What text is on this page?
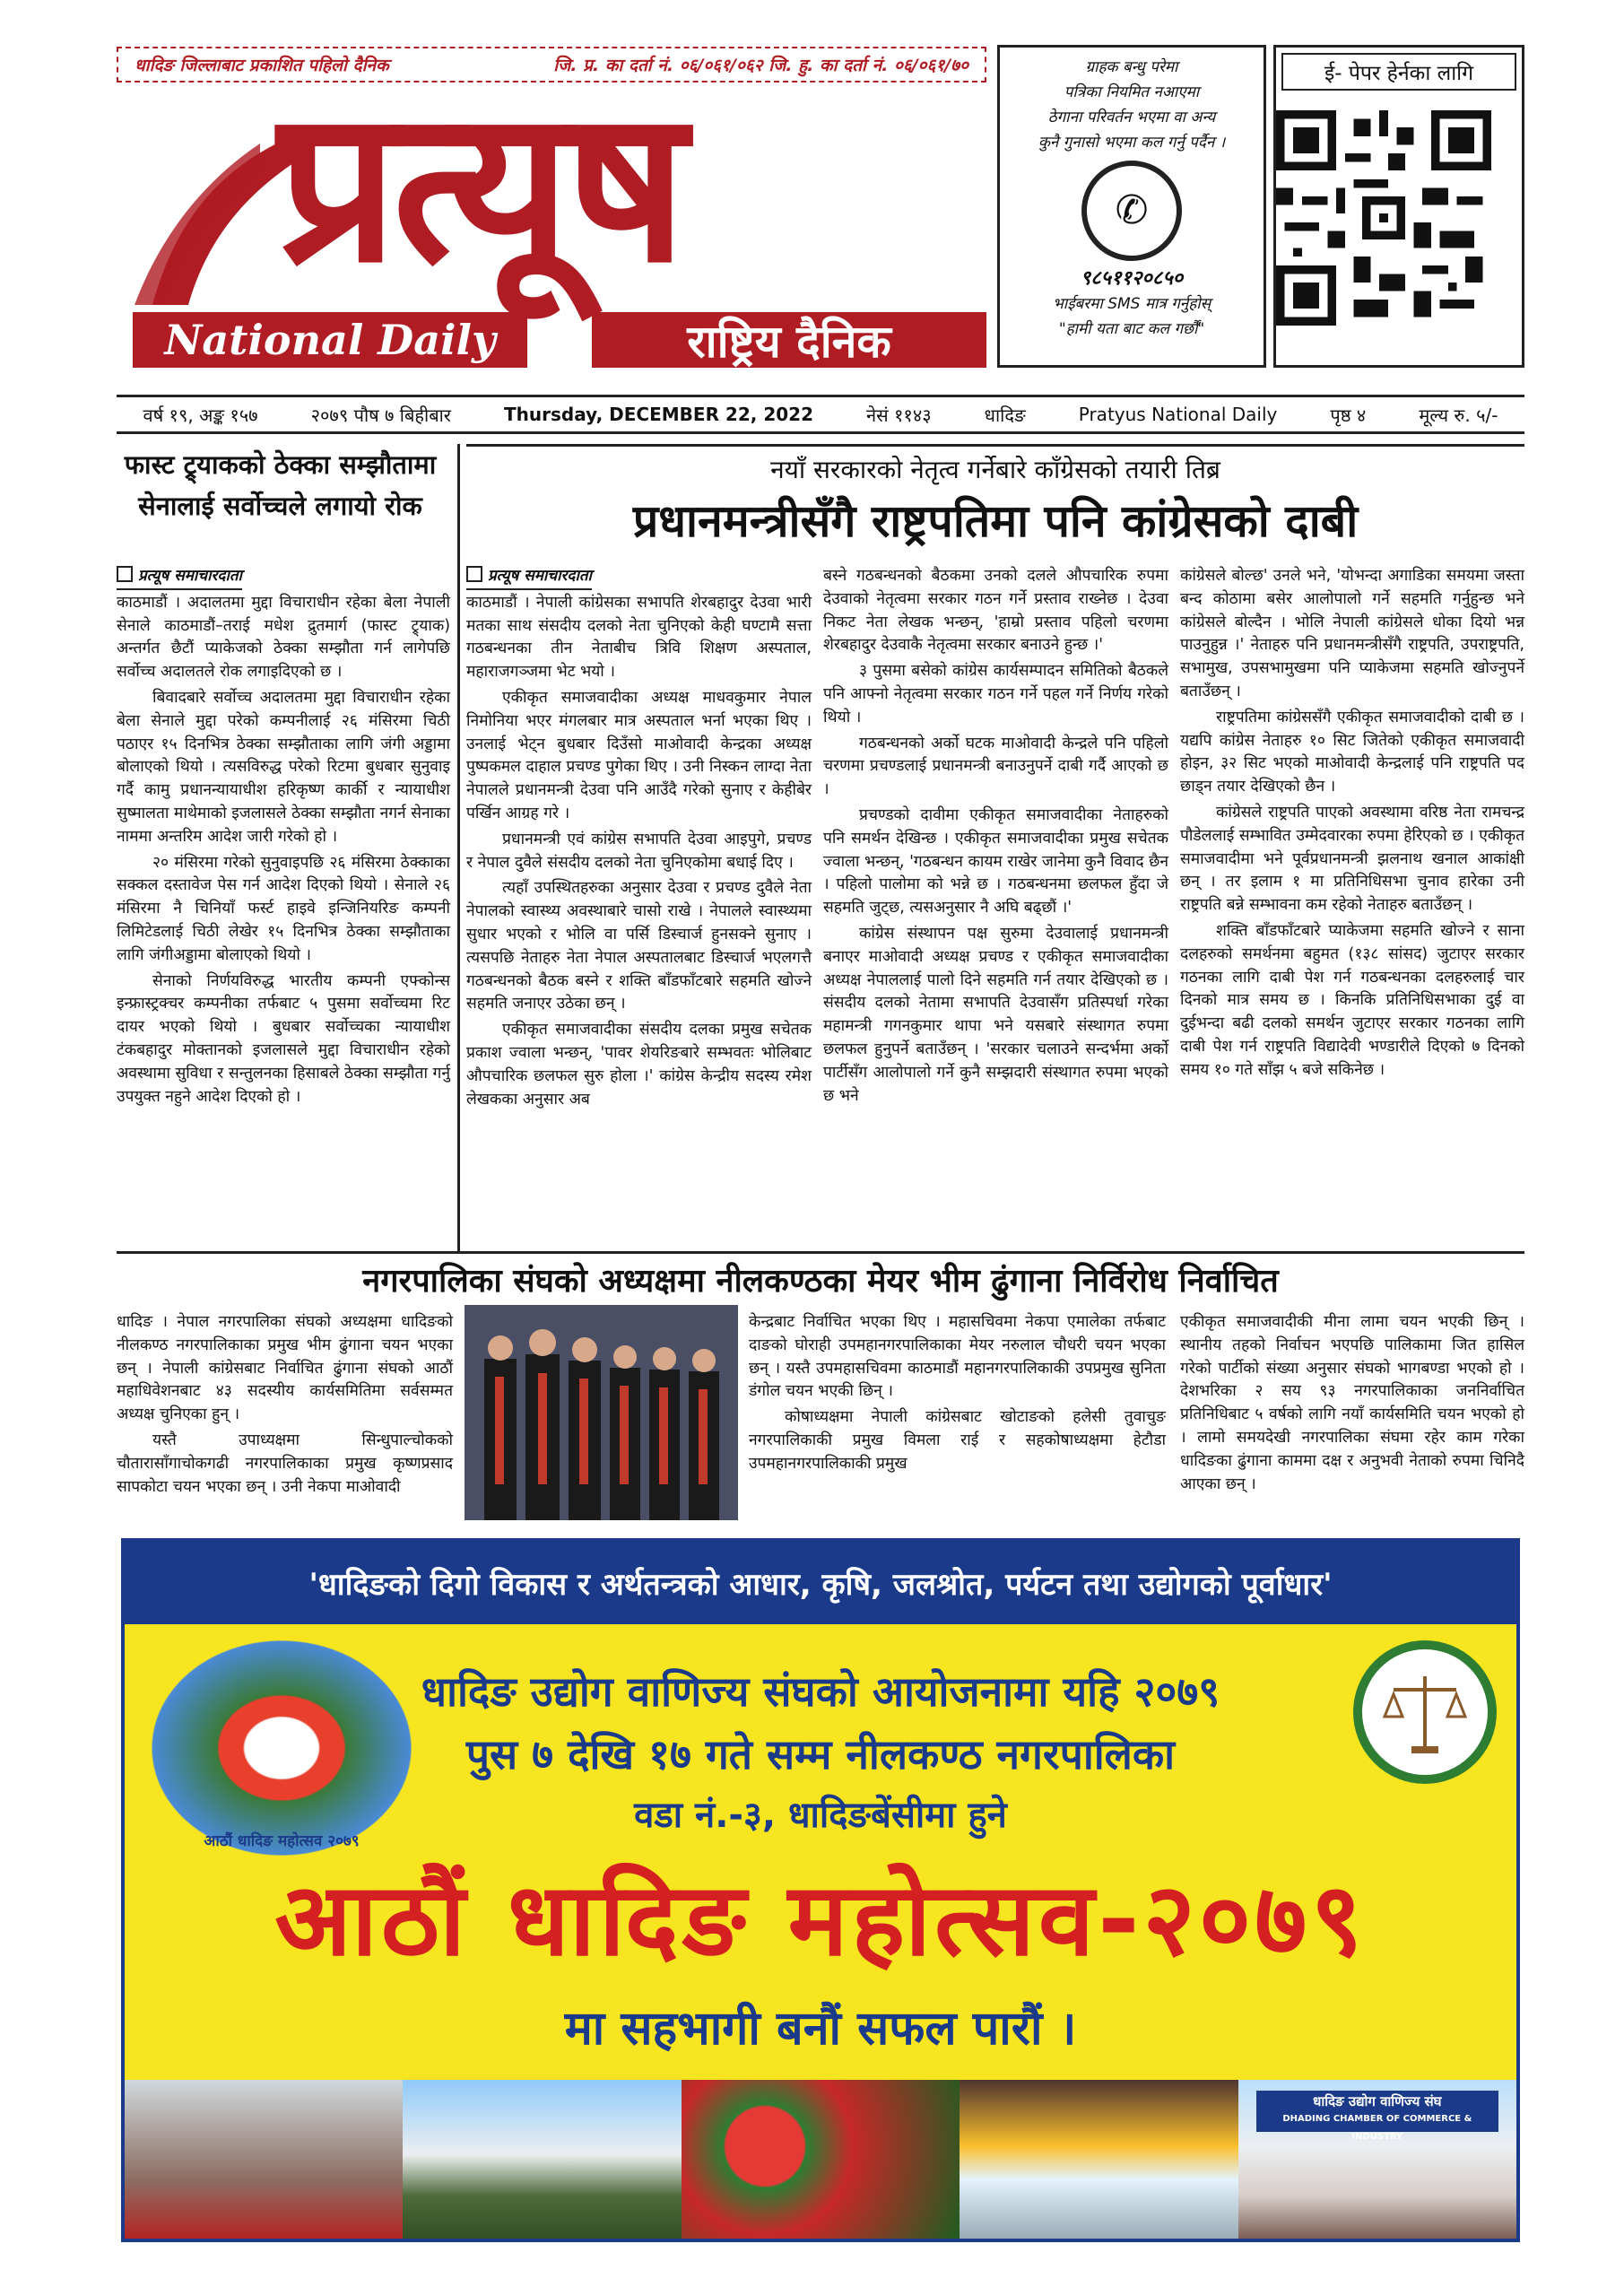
धादिङ जिल्लाबाट प्रकाशित पहिलो दैनिक	जि. प्र. का दर्ता नं. ०६/०६१/०६२ जि. हु. का दर्ता नं. ०६/०६१/७०
प्रत्यूष
National Daily	राष्ट्रिय दैनिक
ग्राहक बन्धु परेमा
पत्रिका नियमित नआएमा
ठेगाना परिवर्तन भएमा वा अन्य
कुनै गुनासो भएमा कल गर्नु पर्दैन ।
✆
९८५११२०८५०
भाईबरमा SMS मात्र गर्नुहोस्
"हामी यता बाट कल गर्छौं"
ई- पेपर हेर्नका लागि
वर्ष १९, अङ्क १५७	२०७९ पौष ७ बिहीबार	Thursday, DECEMBER 22, 2022	नेसं ११४३	धादिङ	Pratyus National Daily	पृष्ठ ४	मूल्य रु. ५/-
फास्ट ट्र्याकको ठेक्का सम्झौतामा सेनालाई सर्वोच्चले लगायो रोक
प्रत्यूष समाचारदाता

काठमाडौं । अदालतमा मुद्दा विचाराधीन रहेका बेला नेपाली सेनाले काठमाडौं–तराई मधेश द्रुतमार्ग (फास्ट ट्र्याक) अन्तर्गत छैटौं प्याकेजको ठेक्का सम्झौता गर्न लागेपछि सर्वोच्च अदालतले रोक लगाइदिएको छ ।

बिवादबारे सर्वोच्च अदालतमा मुद्दा विचाराधीन रहेका बेला सेनाले मुद्दा परेको कम्पनीलाई २६ मंसिरमा चिठी पठाएर १५ दिनभित्र ठेक्का सम्झौताका लागि जंगी अड्डामा बोलाएको थियो । त्यसविरुद्ध परेको रिटमा बुधबार सुनुवाइ गर्दै कामु प्रधानन्यायाधीश हरिकृष्ण कार्की र न्यायाधीश सुष्मालता माथेमाको इजलासले ठेक्का सम्झौता नगर्न सेनाका नाममा अन्तरिम आदेश जारी गरेको हो ।

२० मंसिरमा गरेको सुनुवाइपछि २६ मंसिरमा ठेक्काका सक्कल दस्तावेज पेस गर्न आदेश दिएको थियो । सेनाले २६ मंसिरमा नै चिनियाँ फर्स्ट हाइवे इन्जिनियरिङ कम्पनी लिमिटेडलाई चिठी लेखेर १५ दिनभित्र ठेक्का सम्झौताका लागि जंगीअड्डामा बोलाएको थियो ।

सेनाको निर्णयविरुद्ध भारतीय कम्पनी एफ्कोन्स इन्फ्रास्ट्रक्चर कम्पनीका तर्फबाट ५ पुसमा सर्वोच्चमा रिट दायर भएको थियो । बुधबार सर्वोच्चका न्यायाधीश टंकबहादुर मोक्तानको इजलासले मुद्दा विचाराधीन रहेको अवस्थामा सुविधा र सन्तुलनका हिसाबले ठेक्का सम्झौता गर्नु उपयुक्त नहुने आदेश दिएको हो ।

नयाँ सरकारको नेतृत्व गर्नेबारे काँग्रेसको तयारी तिब्र
प्रधानमन्त्रीसँगै राष्ट्रपतिमा पनि कांग्रेसको दाबी
प्रत्यूष समाचारदाता

काठमाडौं । नेपाली कांग्रेसका सभापति शेरबहादुर देउवा भारी मतका साथ संसदीय दलको नेता चुनिएको केही घण्टामै सत्ता गठबन्धनका तीन नेताबीच त्रिवि शिक्षण अस्पताल, महाराजगञ्जमा भेट भयो ।

एकीकृत समाजवादीका अध्यक्ष माधवकुमार नेपाल निमोनिया भएर मंगलबार मात्र अस्पताल भर्ना भएका थिए । उनलाई भेट्न बुधबार दिउँसो माओवादी केन्द्रका अध्यक्ष पुष्पकमल दाहाल प्रचण्ड पुगेका थिए । उनी निस्कन लाग्दा नेता नेपालले प्रधानमन्त्री देउवा पनि आउँदै गरेको सुनाए र केहीबेर पर्खिन आग्रह गरे ।

प्रधानमन्त्री एवं कांग्रेस सभापति देउवा आइपुगे, प्रचण्ड र नेपाल दुवैले संसदीय दलको नेता चुनिएकोमा बधाई दिए ।

त्यहाँ उपस्थितहरुका अनुसार देउवा र प्रचण्ड दुवैले नेता नेपालको स्वास्थ्य अवस्थाबारे चासो राखे । नेपालले स्वास्थ्यमा सुधार भएको र भोलि वा पर्सि डिस्चार्ज हुनसक्ने सुनाए । त्यसपछि नेताहरु नेता नेपाल अस्पतालबाट डिस्चार्ज भएलगत्तै गठबन्धनको बैठक बस्ने र शक्ति बाँडफाँटबारे सहमति खोज्ने सहमति जनाएर उठेका छन् ।

एकीकृत समाजवादीका संसदीय दलका प्रमुख सचेतक प्रकाश ज्वाला भन्छन्, 'पावर शेयरिङबारे सम्भवतः भोलिबाट औपचारिक छलफल सुरु होला ।' कांग्रेस केन्द्रीय सदस्य रमेश लेखकका अनुसार अब

बस्ने गठबन्धनको बैठकमा उनको दलले औपचारिक रुपमा देउवाको नेतृत्वमा सरकार गठन गर्ने प्रस्ताव राख्नेछ । देउवा निकट नेता लेखक भन्छन्, 'हाम्रो प्रस्ताव पहिलो चरणमा शेरबहादुर देउवाकै नेतृत्वमा सरकार बनाउने हुन्छ ।'

३ पुसमा बसेको कांग्रेस कार्यसम्पादन समितिको बैठकले पनि आफ्नो नेतृत्वमा सरकार गठन गर्ने पहल गर्ने निर्णय गरेको थियो ।

गठबन्धनको अर्को घटक माओवादी केन्द्रले पनि पहिलो चरणमा प्रचण्डलाई प्रधानमन्त्री बनाउनुपर्ने दाबी गर्दै आएको छ ।

प्रचण्डको दावीमा एकीकृत समाजवादीका नेताहरुको पनि समर्थन देखिन्छ । एकीकृत समाजवादीका प्रमुख सचेतक ज्वाला भन्छन्, 'गठबन्धन कायम राखेर जानेमा कुनै विवाद छैन । पहिलो पालोमा को भन्ने छ । गठबन्धनमा छलफल हुँदा जे सहमति जुट्छ, त्यसअनुसार नै अघि बढ्छौं ।'

कांग्रेस संस्थापन पक्ष सुरुमा देउवालाई प्रधानमन्त्री बनाएर माओवादी अध्यक्ष प्रचण्ड र एकीकृत समाजवादीका अध्यक्ष नेपाललाई पालो दिने सहमति गर्न तयार देखिएको छ । संसदीय दलको नेतामा सभापति देउवासँग प्रतिस्पर्धा गरेका महामन्त्री गगनकुमार थापा भने यसबारे संस्थागत रुपमा छलफल हुनुपर्ने बताउँछन् । 'सरकार चलाउने सन्दर्भमा अर्को पार्टीसँग आलोपालो गर्ने कुनै सम्झदारी संस्थागत रुपमा भएको छ भने

कांग्रेसले बोल्छ' उनले भने, 'योभन्दा अगाडिका समयमा जस्ता बन्द कोठामा बसेर आलोपालो गर्ने सहमति गर्नुहुन्छ भने कांग्रेसले बोल्दैन । भोलि नेपाली कांग्रेसले धोका दियो भन्न पाउनुहुन्न ।' नेताहरु पनि प्रधानमन्त्रीसँगै राष्ट्रपति, उपराष्ट्रपति, सभामुख, उपसभामुखमा पनि प्याकेजमा सहमति खोज्नुपर्ने बताउँछन् ।

राष्ट्रपतिमा कांग्रेससँगै एकीकृत समाजवादीको दाबी छ । यद्यपि कांग्रेस नेताहरु १० सिट जितेको एकीकृत समाजवादी होइन, ३२ सिट भएको माओवादी केन्द्रलाई पनि राष्ट्रपति पद छाड्न तयार देखिएको छैन ।

कांग्रेसले राष्ट्रपति पाएको अवस्थामा वरिष्ठ नेता रामचन्द्र पौडेललाई सम्भावित उम्मेदवारका रुपमा हेरिएको छ । एकीकृत समाजवादीमा भने पूर्वप्रधानमन्त्री झलनाथ खनाल आकांक्षी छन् । तर इलाम १ मा प्रतिनिधिसभा चुनाव हारेका उनी राष्ट्रपति बन्ने सम्भावना कम रहेको नेताहरु बताउँछन् ।

शक्ति बाँडफाँटबारे प्याकेजमा सहमति खोज्ने र साना दलहरुको समर्थनमा बहुमत (१३८ सांसद) जुटाएर सरकार गठनका लागि दाबी पेश गर्न गठबन्धनका दलहरुलाई चार दिनको मात्र समय छ । किनकि प्रतिनिधिसभाका दुई वा दुईभन्दा बढी दलको समर्थन जुटाएर सरकार गठनका लागि दाबी पेश गर्न राष्ट्रपति विद्यादेवी भण्डारीले दिएको ७ दिनको समय १० गते साँझ ५ बजे सकिनेछ ।

नगरपालिका संघको अध्यक्षमा नीलकण्ठका मेयर भीम ढुंगाना निर्विरोध निर्वाचित

धादिङ । नेपाल नगरपालिका संघको अध्यक्षमा धादिङको नीलकण्ठ नगरपालिकाका प्रमुख भीम ढुंगाना चयन भएका छन् । नेपाली कांग्रेसबाट निर्वाचित ढुंगाना संघको आठौं महाधिवेशनबाट ४३ सदस्यीय कार्यसमितिमा सर्वसम्मत अध्यक्ष चुनिएका हुन् ।

यस्तै उपाध्यक्षमा सिन्धुपाल्चोकको चौतारासाँगाचोकगढी नगरपालिकाका प्रमुख कृष्णप्रसाद सापकोटा चयन भएका छन् । उनी नेकपा माओवादी

केन्द्रबाट निर्वाचित भएका थिए । महासचिवमा नेकपा एमालेका तर्फबाट दाङको घोराही उपमहानगरपालिकाका मेयर नरुलाल चौधरी चयन भएका छन् । यस्तै उपमहासचिवमा काठमाडौं महानगरपालिकाकी उपप्रमुख सुनिता डंगोल चयन भएकी छिन् ।

कोषाध्यक्षमा नेपाली कांग्रेसबाट खोटाङको हलेसी तुवाचुङ नगरपालिकाकी प्रमुख विमला राई र सहकोषाध्यक्षमा हेटौडा उपमहानगरपालिकाकी प्रमुख

एकीकृत समाजवादीकी मीना लामा चयन भएकी छिन् । स्थानीय तहको निर्वाचन भएपछि पालिकामा जित हासिल गरेको पार्टीको संख्या अनुसार संघको भागबण्डा भएको हो । देशभरिका २ सय ९३ नगरपालिकाका जननिर्वाचित प्रतिनिधिबाट ५ वर्षको लागि नयाँ कार्यसमिति चयन भएको हो । लामो समयदेखी नगरपालिका संघमा रहेर काम गरेका धादिङका ढुंगाना काममा दक्ष र अनुभवी नेताको रुपमा चिनिदै आएका छन् ।

'धादिङको दिगो विकास र अर्थतन्त्रको आधार, कृषि, जलश्रोत, पर्यटन तथा उद्योगको पूर्वाधार'
आठौं धादिङ महोत्सव २०७९
धादिङ उद्योग वाणिज्य संघको आयोजनामा यहि २०७९
पुस ७ देखि १७ गते सम्म नीलकण्ठ नगरपालिका
वडा नं.-३, धादिङबेंसीमा हुने
आठौं धादिङ महोत्सव-२०७९
मा सहभागी बनौं सफल पारौं ।
धादिङ उद्योग वाणिज्य संघ
DHADING CHAMBER OF COMMERCE & INDUSTRY
